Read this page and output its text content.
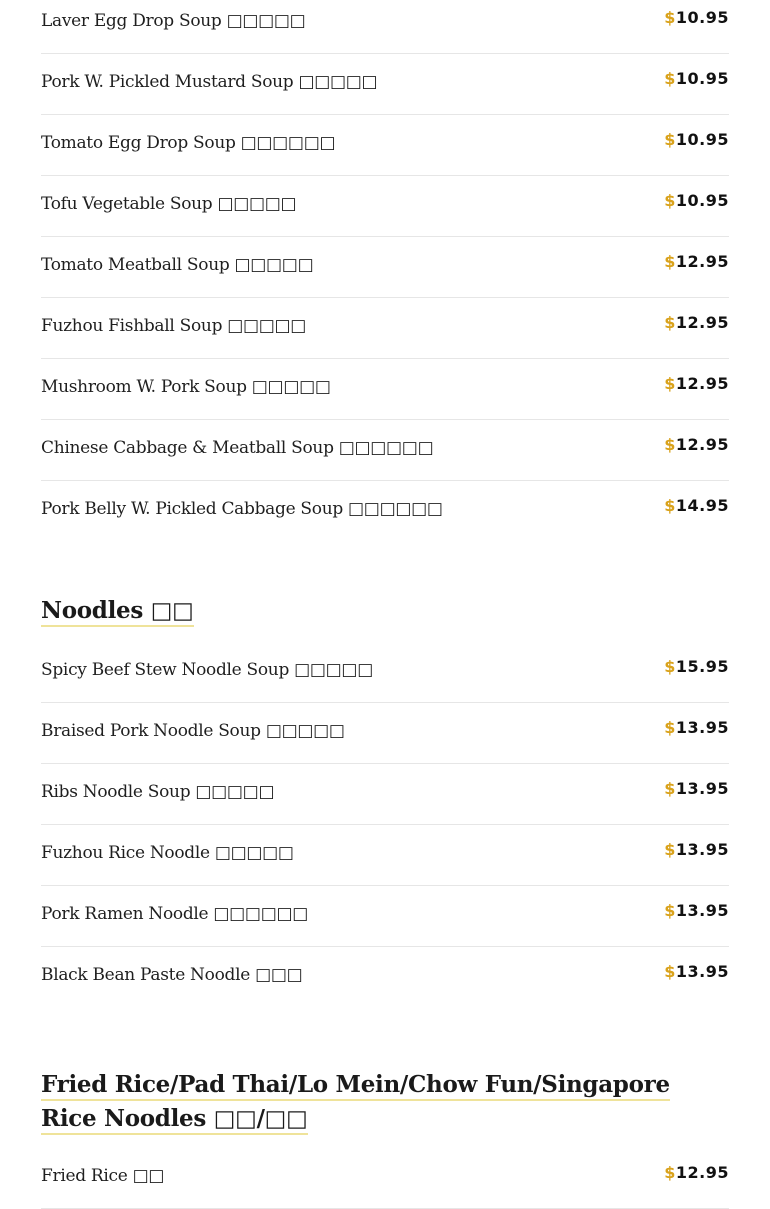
Laver Egg Drop Soup □□□□□	$10.95
Pork W. Pickled Mustard Soup □□□□□	$10.95
Tomato Egg Drop Soup □□□□□□	$10.95
Tofu Vegetable Soup □□□□□	$10.95
Tomato Meatball Soup □□□□□	$12.95
Fuzhou Fishball Soup □□□□□	$12.95
Mushroom W. Pork Soup □□□□□	$12.95
Chinese Cabbage & Meatball Soup □□□□□□	$12.95
Pork Belly W. Pickled Cabbage Soup □□□□□□	$14.95
Noodles □□
Spicy Beef Stew Noodle Soup □□□□□	$15.95
Braised Pork Noodle Soup □□□□□	$13.95
Ribs Noodle Soup □□□□□	$13.95
Fuzhou Rice Noodle □□□□□	$13.95
Pork Ramen Noodle □□□□□□	$13.95
Black Bean Paste Noodle □□□	$13.95
Fried Rice/Pad Thai/Lo Mein/Chow Fun/Singapore Rice Noodles □□/□□
Fried Rice □□	$12.95
